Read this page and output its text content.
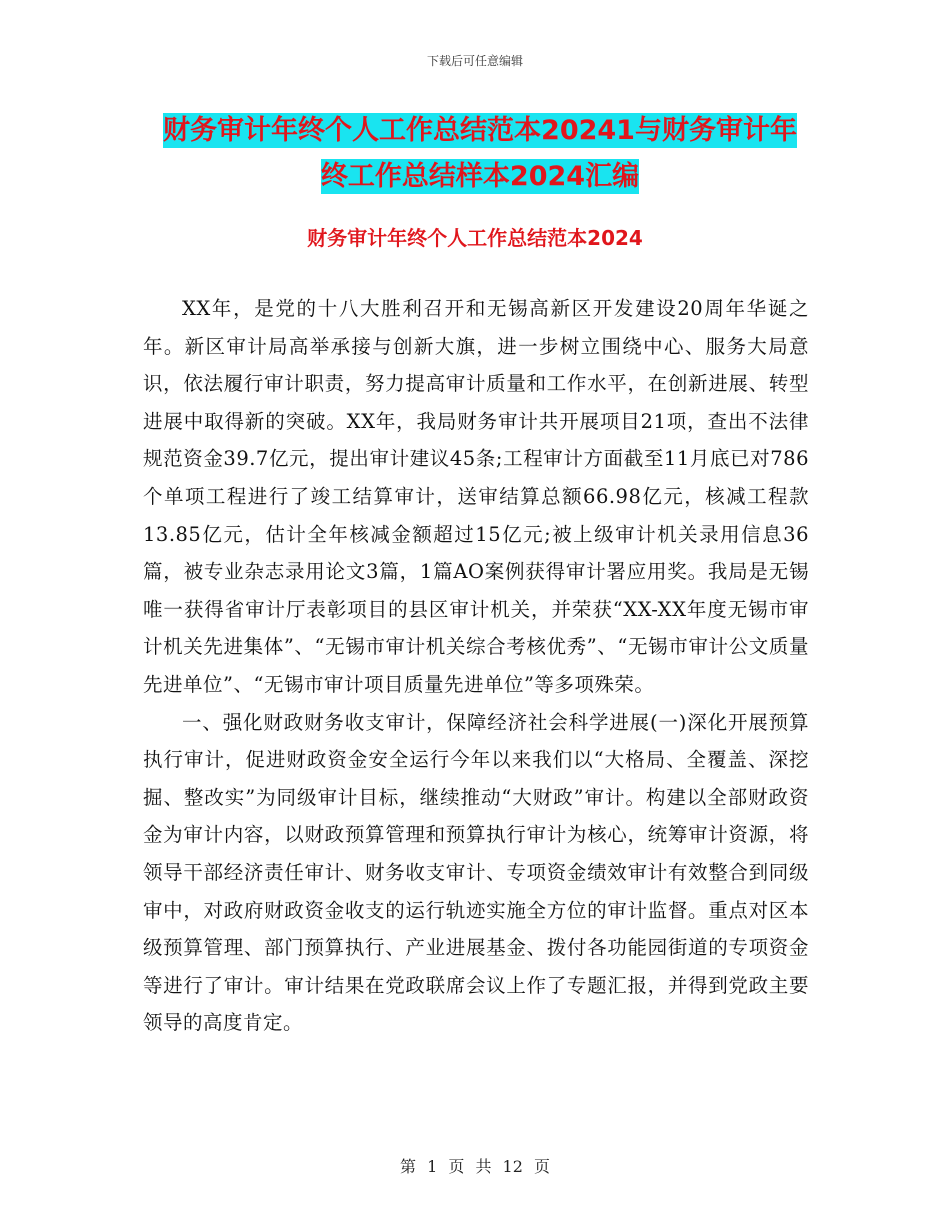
下载后可任意编辑
财务审计年终个人工作总结范本20241与财务审计年
终工作总结样本2024汇编
财务审计年终个人工作总结范本2024

XX年，是党的十八大胜利召开和无锡高新区开发建设20周年华诞之年。新区审计局高举承接与创新大旗，进一步树立围绕中心、服务大局意识，依法履行审计职责，努力提高审计质量和工作水平，在创新进展、转型进展中取得新的突破。XX年，我局财务审计共开展项目21项，查出不法律规范资金39.7亿元，提出审计建议45条;工程审计方面截至11月底已对786个单项工程进行了竣工结算审计，送审结算总额66.98亿元，核减工程款13.85亿元，估计全年核减金额超过15亿元;被上级审计机关录用信息36篇，被专业杂志录用论文3篇，1篇AO案例获得审计署应用奖。我局是无锡唯一获得省审计厅表彰项目的县区审计机关，并荣获“XX-XX年度无锡市审计机关先进集体”、“无锡市审计机关综合考核优秀”、“无锡市审计公文质量先进单位”、“无锡市审计项目质量先进单位”等多项殊荣。

一、强化财政财务收支审计，保障经济社会科学进展(一)深化开展预算执行审计，促进财政资金安全运行今年以来我们以“大格局、全覆盖、深挖掘、整改实”为同级审计目标，继续推动“大财政”审计。构建以全部财政资金为审计内容，以财政预算管理和预算执行审计为核心，统筹审计资源，将领导干部经济责任审计、财务收支审计、专项资金绩效审计有效整合到同级审中，对政府财政资金收支的运行轨迹实施全方位的审计监督。重点对区本级预算管理、部门预算执行、产业进展基金、拨付各功能园街道的专项资金等进行了审计。审计结果在党政联席会议上作了专题汇报，并得到党政主要领导的高度肯定。

第 1 页 共 12 页
